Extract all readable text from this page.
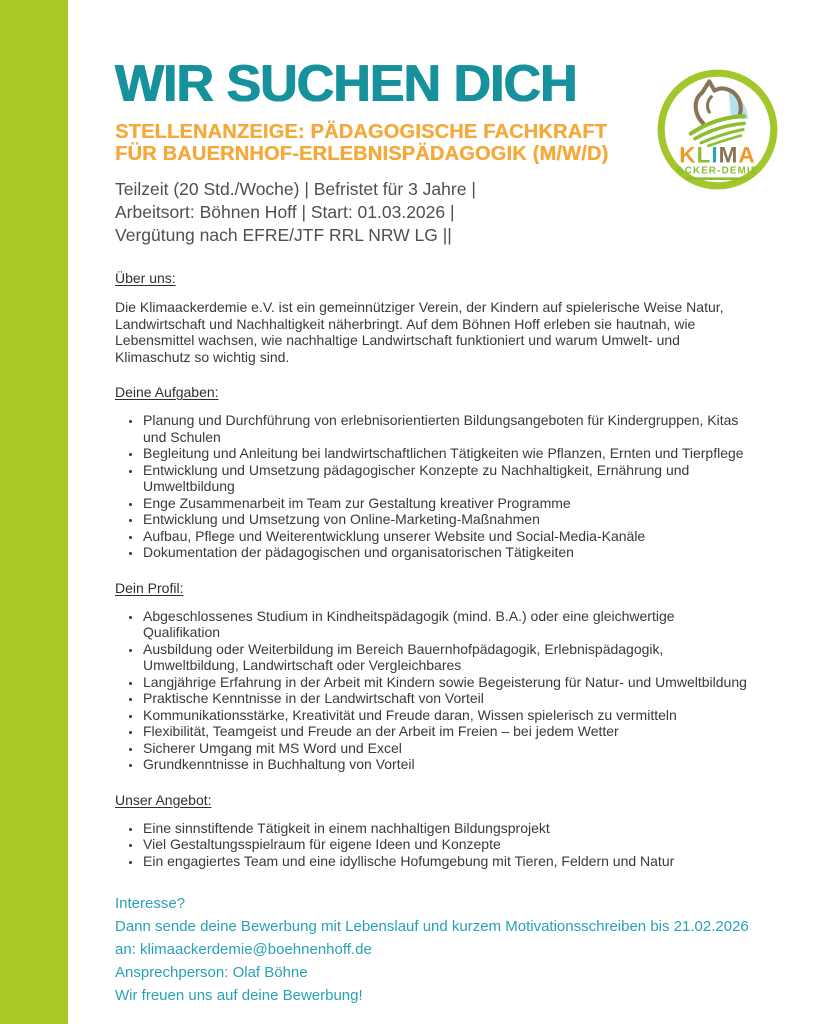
KLIMA
ACKER-DEMIE
WIR SUCHEN DICH
STELLENANZEIGE: PÄDAGOGISCHE FACHKRAFT
FÜR BAUERNHOF-ERLEBNISPÄDAGOGIK (M/W/D)
Teilzeit (20 Std./Woche) | Befristet für 3 Jahre |
Arbeitsort: Böhnen Hoff | Start: 01.03.2026 |
Vergütung nach EFRE/JTF RRL NRW LG ||
Über uns:

Die Klimaackerdemie e.V. ist ein gemeinnütziger Verein, der Kindern auf spielerische Weise Natur, Landwirtschaft und Nachhaltigkeit näherbringt. Auf dem Böhnen Hoff erleben sie hautnah, wie Lebensmittel wachsen, wie nachhaltige Landwirtschaft funktioniert und warum Umwelt- und Klimaschutz so wichtig sind.

Deine Aufgaben:
• Planung und Durchführung von erlebnisorientierten Bildungsangeboten für Kindergruppen, Kitas und Schulen
• Begleitung und Anleitung bei landwirtschaftlichen Tätigkeiten wie Pflanzen, Ernten und Tierpflege
• Entwicklung und Umsetzung pädagogischer Konzepte zu Nachhaltigkeit, Ernährung und Umweltbildung
• Enge Zusammenarbeit im Team zur Gestaltung kreativer Programme
• Entwicklung und Umsetzung von Online-Marketing-Maßnahmen
• Aufbau, Pflege und Weiterentwicklung unserer Website und Social-Media-Kanäle
• Dokumentation der pädagogischen und organisatorischen Tätigkeiten
Dein Profil:
• Abgeschlossenes Studium in Kindheitspädagogik (mind. B.A.) oder eine gleichwertige Qualifikation
• Ausbildung oder Weiterbildung im Bereich Bauernhofpädagogik, Erlebnispädagogik, Umweltbildung, Landwirtschaft oder Vergleichbares
• Langjährige Erfahrung in der Arbeit mit Kindern sowie Begeisterung für Natur- und Umweltbildung
• Praktische Kenntnisse in der Landwirtschaft von Vorteil
• Kommunikationsstärke, Kreativität und Freude daran, Wissen spielerisch zu vermitteln
• Flexibilität, Teamgeist und Freude an der Arbeit im Freien – bei jedem Wetter
• Sicherer Umgang mit MS Word und Excel
• Grundkenntnisse in Buchhaltung von Vorteil
Unser Angebot:
• Eine sinnstiftende Tätigkeit in einem nachhaltigen Bildungsprojekt
• Viel Gestaltungsspielraum für eigene Ideen und Konzepte
• Ein engagiertes Team und eine idyllische Hofumgebung mit Tieren, Feldern und Natur
Interesse?
Dann sende deine Bewerbung mit Lebenslauf und kurzem Motivationsschreiben bis 21.02.2026 an: klimaackerdemie@boehnenhoff.de
Ansprechperson: Olaf Böhne
Wir freuen uns auf deine Bewerbung!
